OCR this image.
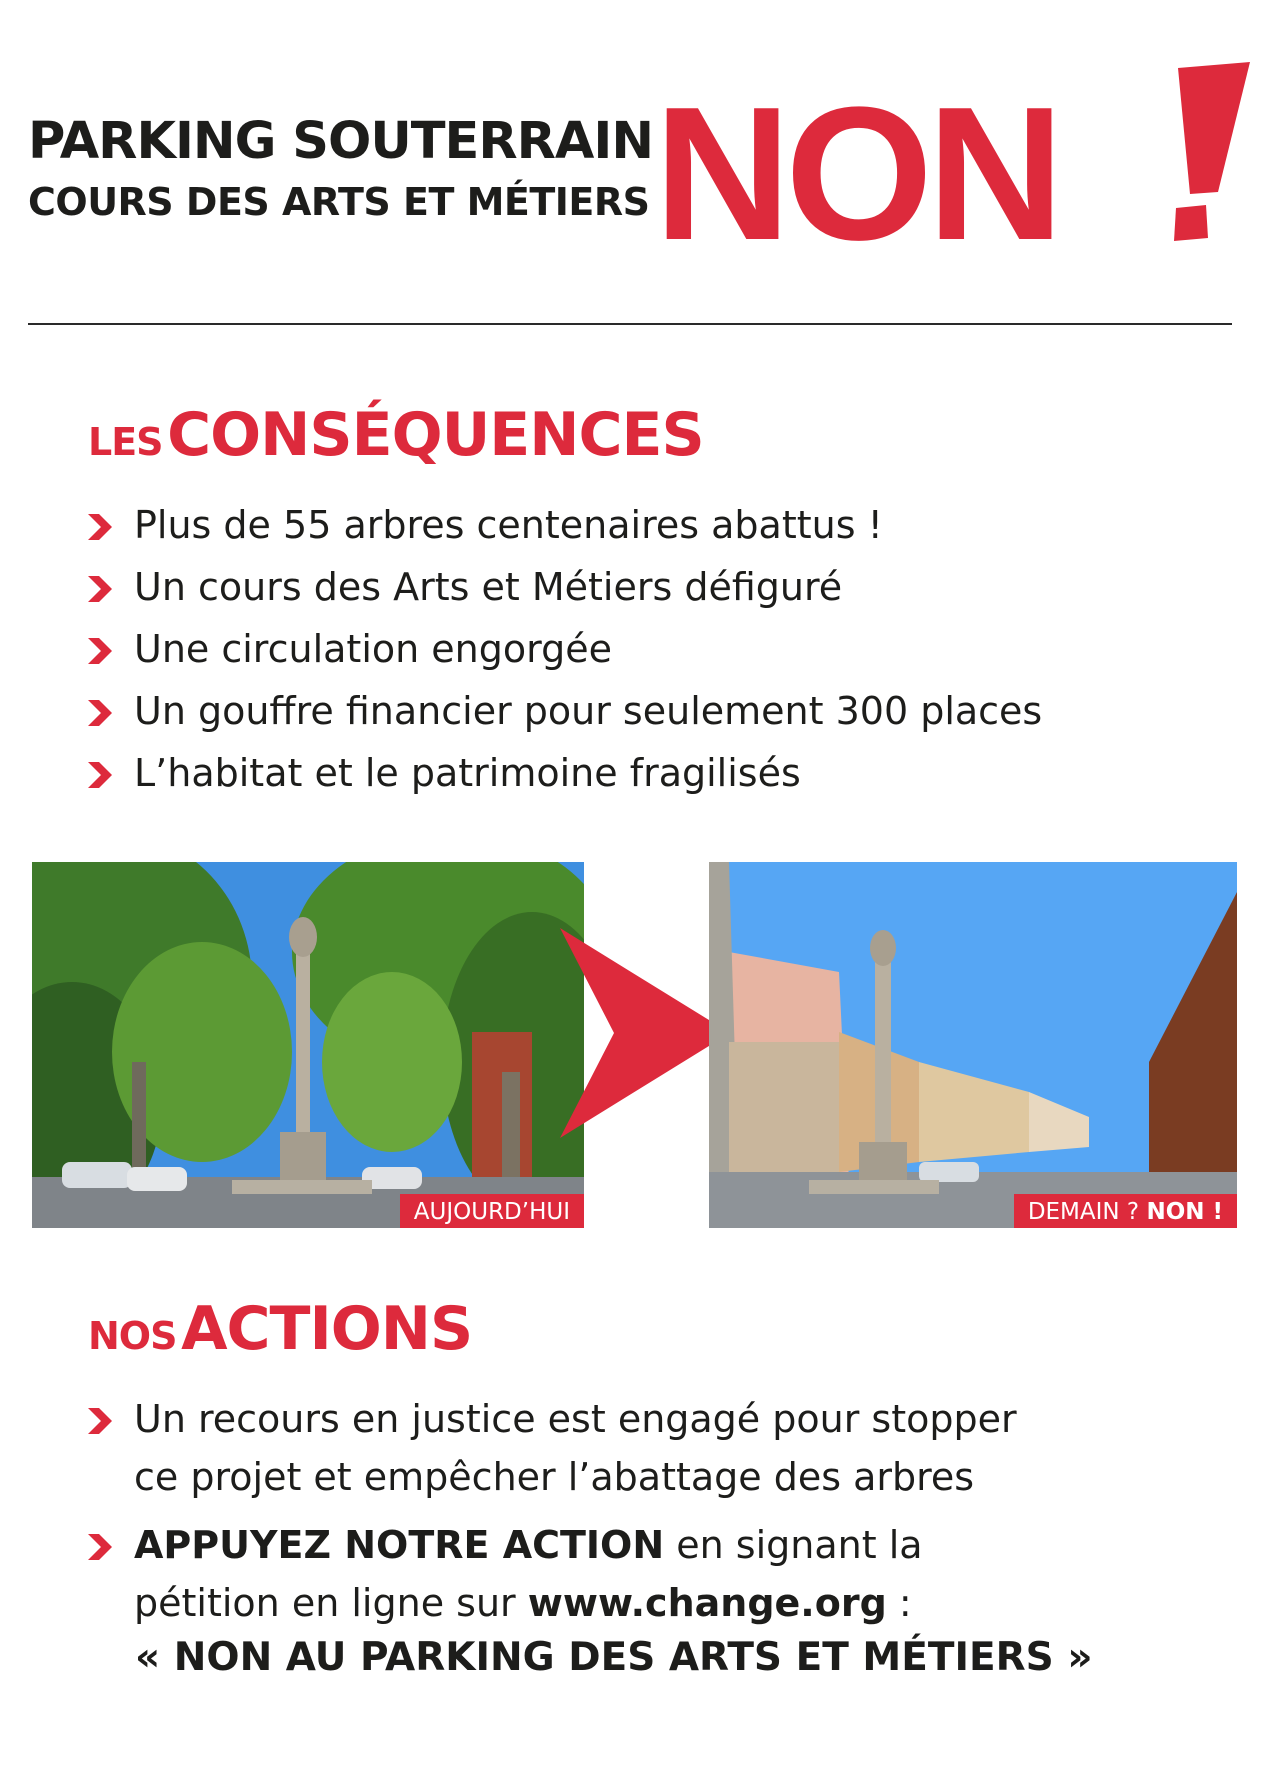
PARKING SOUTERRAIN
COURS DES ARTS ET MÉTIERS NON
LES CONSÉQUENCES
Plus de 55 arbres centenaires abattus !
Un cours des Arts et Métiers défiguré
Une circulation engorgée
Un gouffre financier pour seulement 300 places
L’habitat et le patrimoine fragilisés
AUJOURD’HUI	DEMAIN ? NON !
NOS ACTIONS
Un recours en justice est engagé pour stopper
ce projet et empêcher l’abattage des arbres
APPUYEZ NOTRE ACTION en signant la
pétition en ligne sur www.change.org :
« NON AU PARKING DES ARTS ET MÉTIERS »
